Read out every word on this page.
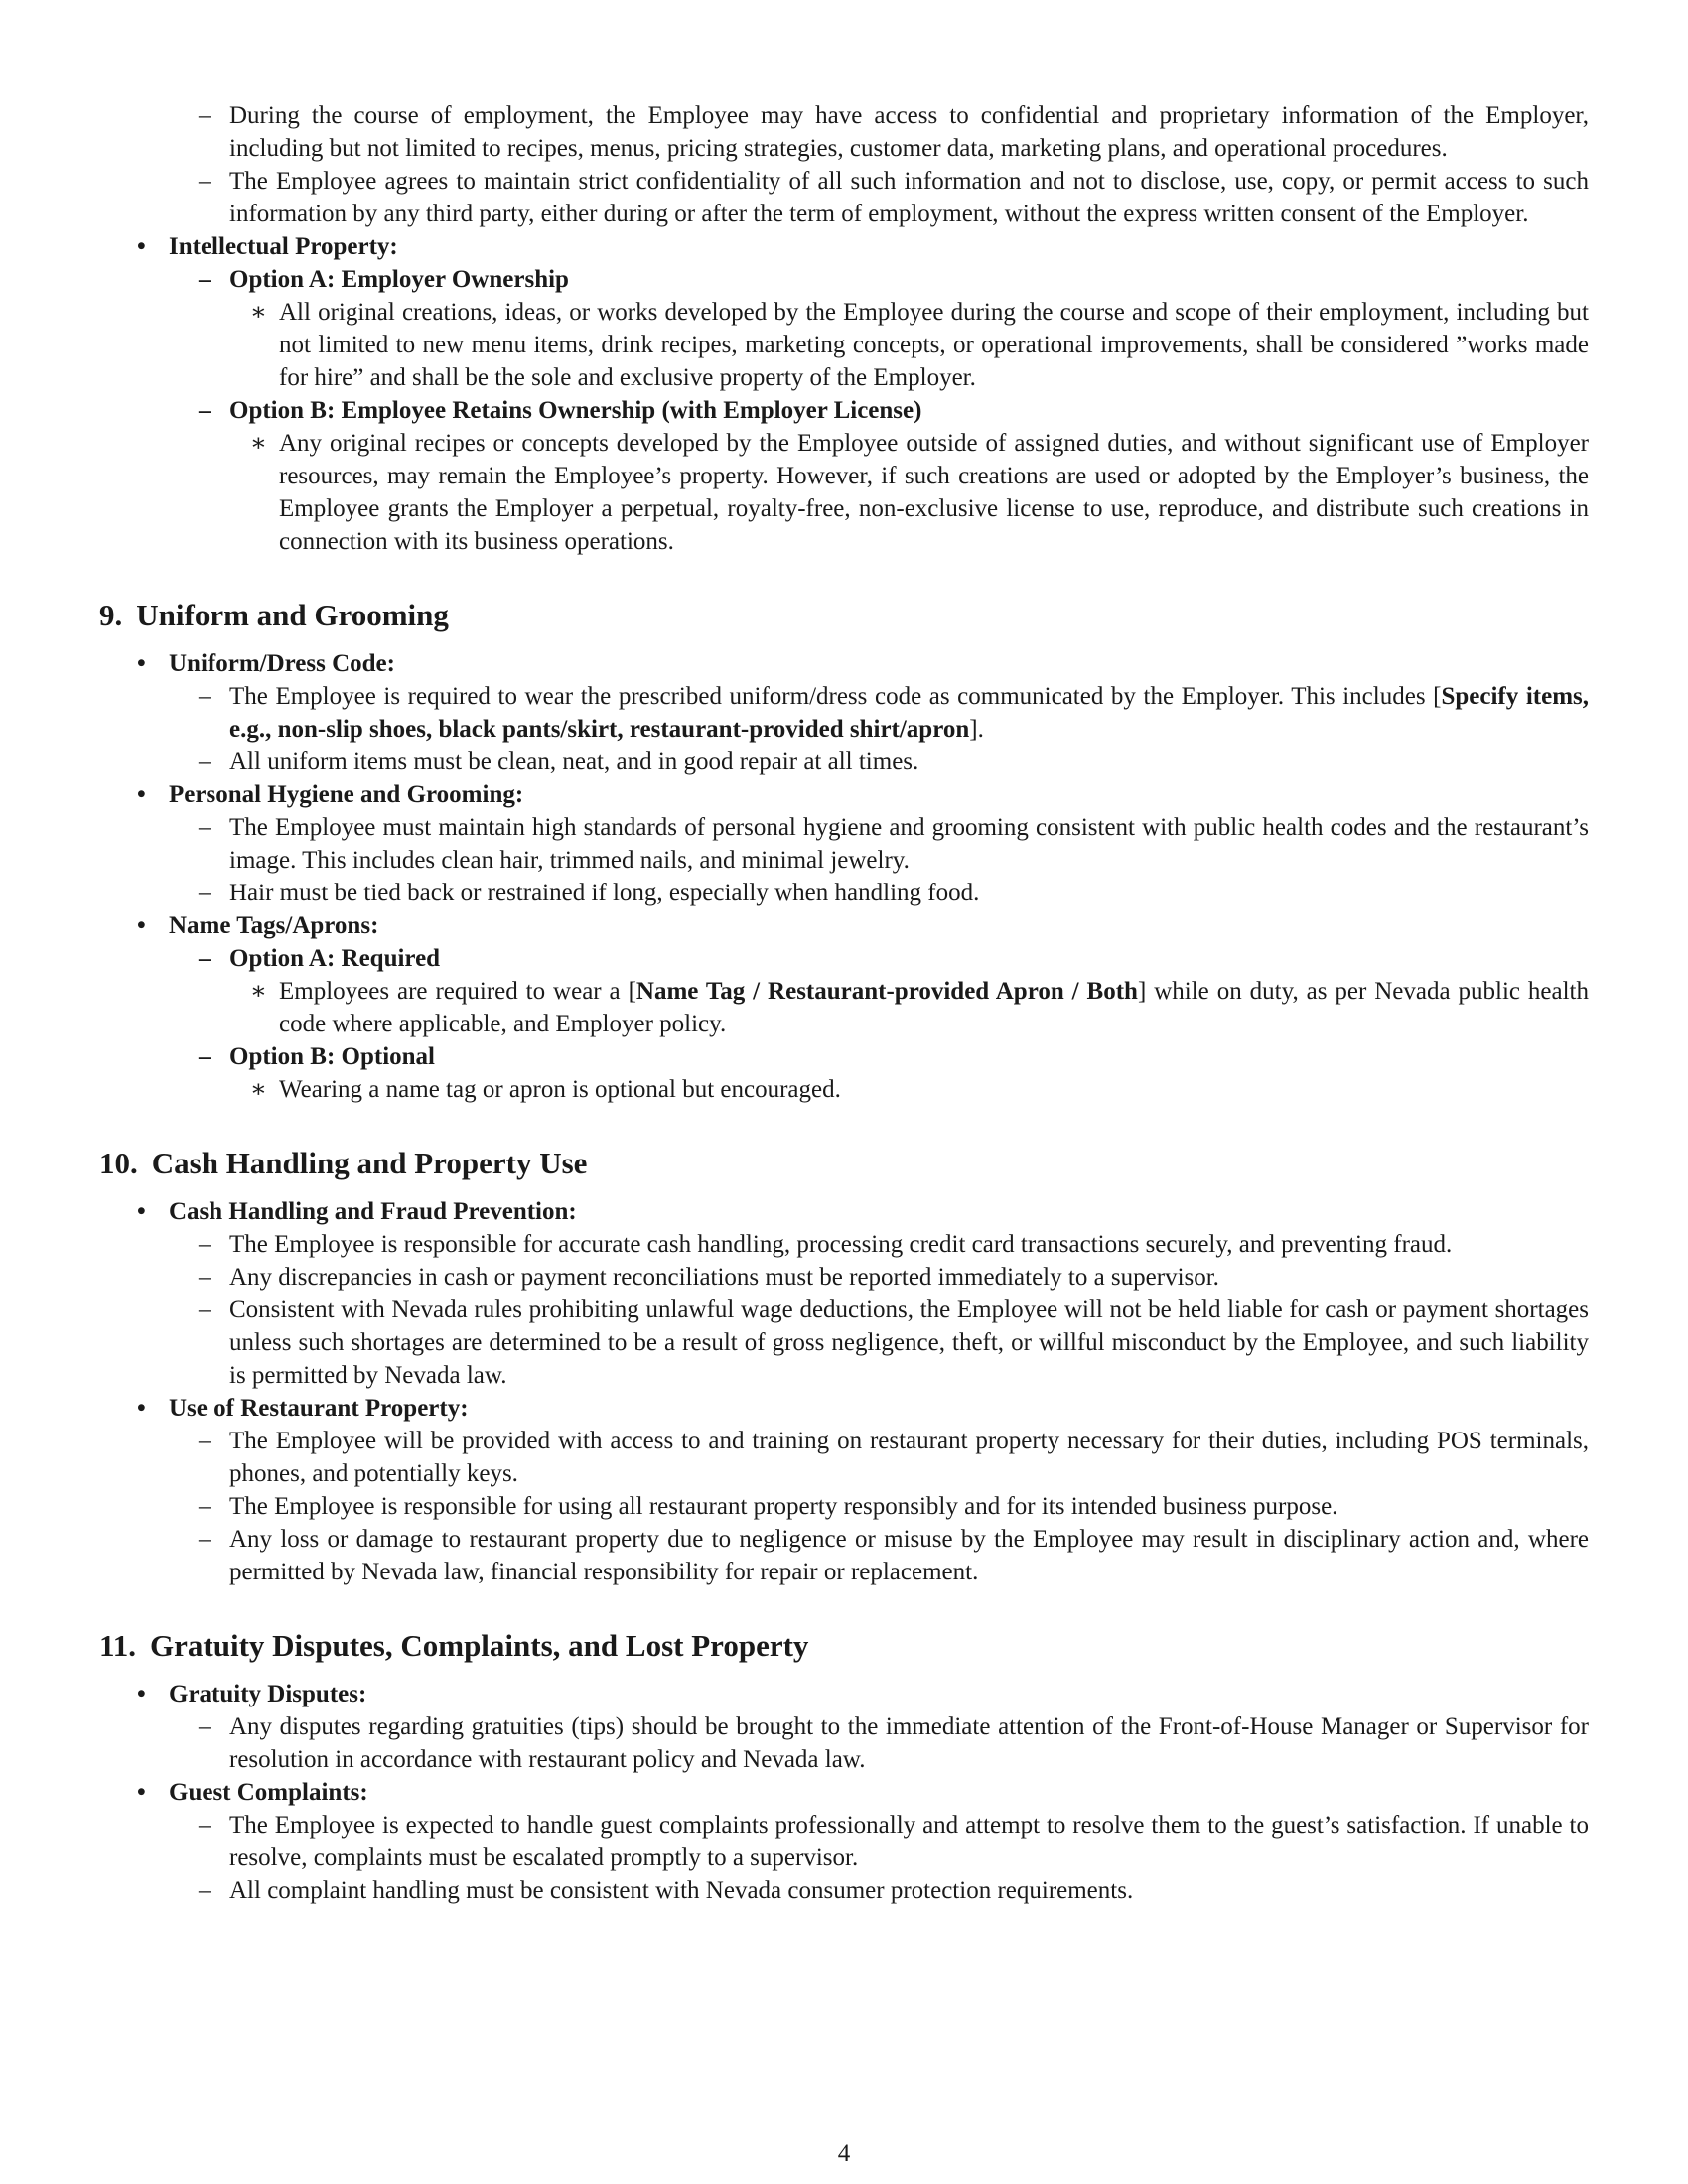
– During the course of employment, the Employee may have access to confidential and proprietary information of the Employer, including but not limited to recipes, menus, pricing strategies, customer data, marketing plans, and operational procedures.
– The Employee agrees to maintain strict confidentiality of all such information and not to disclose, use, copy, or permit access to such information by any third party, either during or after the term of employment, without the express written consent of the Employer.
• Intellectual Property:
– Option A: Employer Ownership
∗ All original creations, ideas, or works developed by the Employee during the course and scope of their employment, including but not limited to new menu items, drink recipes, marketing concepts, or operational improvements, shall be considered ”works made for hire” and shall be the sole and exclusive property of the Employer.
– Option B: Employee Retains Ownership (with Employer License)
∗ Any original recipes or concepts developed by the Employee outside of assigned duties, and without significant use of Employer resources, may remain the Employee’s property. However, if such creations are used or adopted by the Employer’s business, the Employee grants the Employer a perpetual, royalty-free, non-exclusive license to use, reproduce, and distribute such creations in connection with its business operations.
9. Uniform and Grooming
• Uniform/Dress Code:
– The Employee is required to wear the prescribed uniform/dress code as communicated by the Employer. This includes [Specify items, e.g., non-slip shoes, black pants/skirt, restaurant-provided shirt/apron].
– All uniform items must be clean, neat, and in good repair at all times.
• Personal Hygiene and Grooming:
– The Employee must maintain high standards of personal hygiene and grooming consistent with public health codes and the restaurant’s image. This includes clean hair, trimmed nails, and minimal jewelry.
– Hair must be tied back or restrained if long, especially when handling food.
• Name Tags/Aprons:
– Option A: Required
∗ Employees are required to wear a [Name Tag / Restaurant-provided Apron / Both] while on duty, as per Nevada public health code where applicable, and Employer policy.
– Option B: Optional
∗ Wearing a name tag or apron is optional but encouraged.
10. Cash Handling and Property Use
• Cash Handling and Fraud Prevention:
– The Employee is responsible for accurate cash handling, processing credit card transactions securely, and preventing fraud.
– Any discrepancies in cash or payment reconciliations must be reported immediately to a supervisor.
– Consistent with Nevada rules prohibiting unlawful wage deductions, the Employee will not be held liable for cash or payment shortages unless such shortages are determined to be a result of gross negligence, theft, or willful misconduct by the Employee, and such liability is permitted by Nevada law.
• Use of Restaurant Property:
– The Employee will be provided with access to and training on restaurant property necessary for their duties, including POS terminals, phones, and potentially keys.
– The Employee is responsible for using all restaurant property responsibly and for its intended business purpose.
– Any loss or damage to restaurant property due to negligence or misuse by the Employee may result in disciplinary action and, where permitted by Nevada law, financial responsibility for repair or replacement.
11. Gratuity Disputes, Complaints, and Lost Property
• Gratuity Disputes:
– Any disputes regarding gratuities (tips) should be brought to the immediate attention of the Front-of-House Manager or Supervisor for resolution in accordance with restaurant policy and Nevada law.
• Guest Complaints:
– The Employee is expected to handle guest complaints professionally and attempt to resolve them to the guest’s satisfaction. If unable to resolve, complaints must be escalated promptly to a supervisor.
– All complaint handling must be consistent with Nevada consumer protection requirements.
4
